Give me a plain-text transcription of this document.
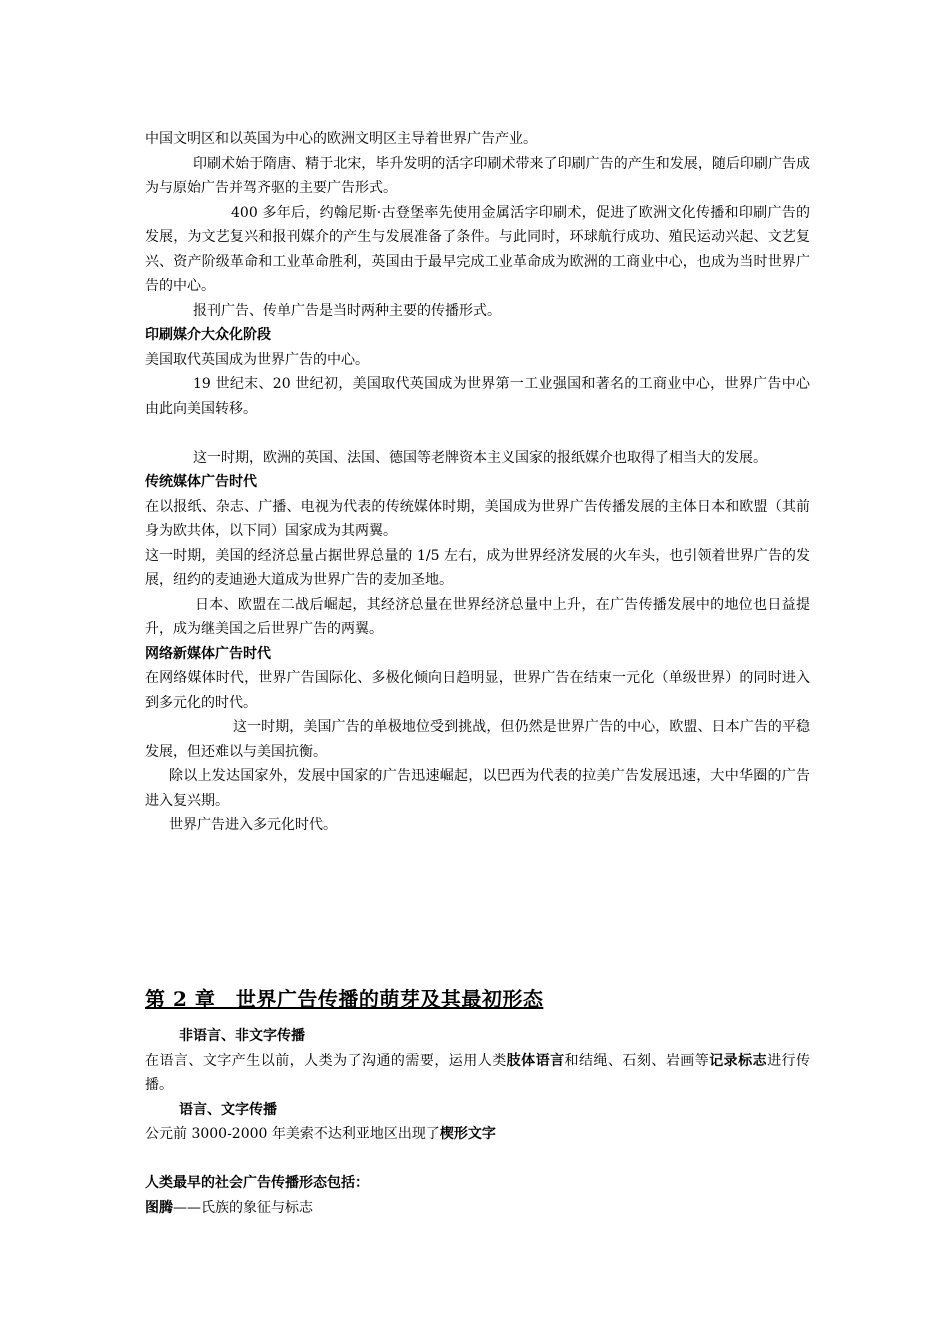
中国文明区和以英国为中心的欧洲文明区主导着世界广告产业。

印刷术始于隋唐、精于北宋，毕升发明的活字印刷术带来了印刷广告的产生和发展，随后印刷广告成为与原始广告并驾齐驱的主要广告形式。

400 多年后，约翰尼斯·古登堡率先使用金属活字印刷术，促进了欧洲文化传播和印刷广告的发展，为文艺复兴和报刊媒介的产生与发展准备了条件。与此同时，环球航行成功、殖民运动兴起、文艺复兴、资产阶级革命和工业革命胜利，英国由于最早完成工业革命成为欧洲的工商业中心，也成为当时世界广告的中心。

报刊广告、传单广告是当时两种主要的传播形式。

印刷媒介大众化阶段

美国取代英国成为世界广告的中心。

19 世纪末、20 世纪初，美国取代英国成为世界第一工业强国和著名的工商业中心，世界广告中心由此向美国转移。

这一时期，欧洲的英国、法国、德国等老牌资本主义国家的报纸媒介也取得了相当大的发展。

传统媒体广告时代

在以报纸、杂志、广播、电视为代表的传统媒体时期，美国成为世界广告传播发展的主体日本和欧盟（其前身为欧共体，以下同）国家成为其两翼。

这一时期，美国的经济总量占据世界总量的 1/5 左右，成为世界经济发展的火车头，也引领着世界广告的发展，纽约的麦迪逊大道成为世界广告的麦加圣地。

日本、欧盟在二战后崛起，其经济总量在世界经济总量中上升，在广告传播发展中的地位也日益提升，成为继美国之后世界广告的两翼。

网络新媒体广告时代

在网络媒体时代，世界广告国际化、多极化倾向日趋明显，世界广告在结束一元化（单级世界）的同时进入到多元化的时代。

这一时期，美国广告的单极地位受到挑战，但仍然是世界广告的中心，欧盟、日本广告的平稳发展，但还难以与美国抗衡。

除以上发达国家外，发展中国家的广告迅速崛起，以巴西为代表的拉美广告发展迅速，大中华圈的广告进入复兴期。

世界广告进入多元化时代。

第 2 章　世界广告传播的萌芽及其最初形态

非语言、非文字传播

在语言、文字产生以前，人类为了沟通的需要，运用人类肢体语言和结绳、石刻、岩画等记录标志进行传播。

语言、文字传播

公元前 3000-2000 年美索不达利亚地区出现了楔形文字

人类最早的社会广告传播形态包括：

图腾——氏族的象征与标志
